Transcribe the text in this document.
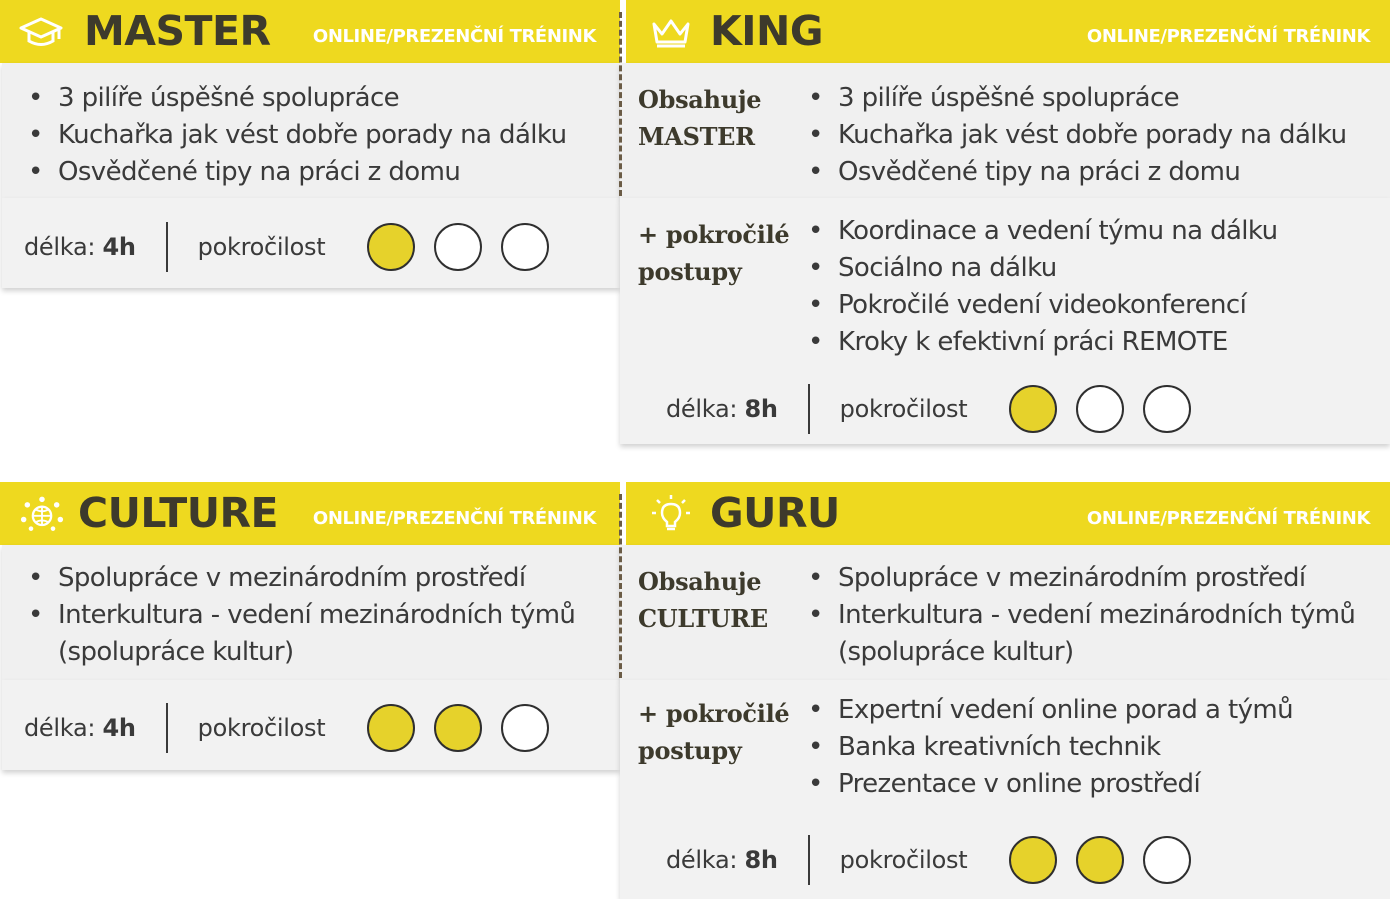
MASTER ONLINE/PREZENČNÍ TRÉNINK
• 3 pilíře úspěšné spolupráce
• Kuchařka jak vést dobře porady na dálku
• Osvědčené tipy na práci z domu
délka: 4h	pokročilost
KING	ONLINE/PREZENČNÍ TRÉNINK
Obsahuje
MASTER
• 3 pilíře úspěšné spolupráce
• Kuchařka jak vést dobře porady na dálku
• Osvědčené tipy na práci z domu
+ pokročilé
postupy
• Koordinace a vedení týmu na dálku
• Sociálno na dálku
• Pokročilé vedení videokonferencí
• Kroky k efektivní práci REMOTE
délka: 8h	pokročilost
CULTURE ONLINE/PREZENČNÍ TRÉNINK
• Spolupráce v mezinárodním prostředí
• Interkultura - vedení mezinárodních týmů
(spolupráce kultur)
délka: 4h	pokročilost
GURU	ONLINE/PREZENČNÍ TRÉNINK
Obsahuje
CULTURE
• Spolupráce v mezinárodním prostředí
• Interkultura - vedení mezinárodních týmů
(spolupráce kultur)
+ pokročilé
postupy
• Expertní vedení online porad a týmů
• Banka kreativních technik
• Prezentace v online prostředí
délka: 8h	pokročilost
